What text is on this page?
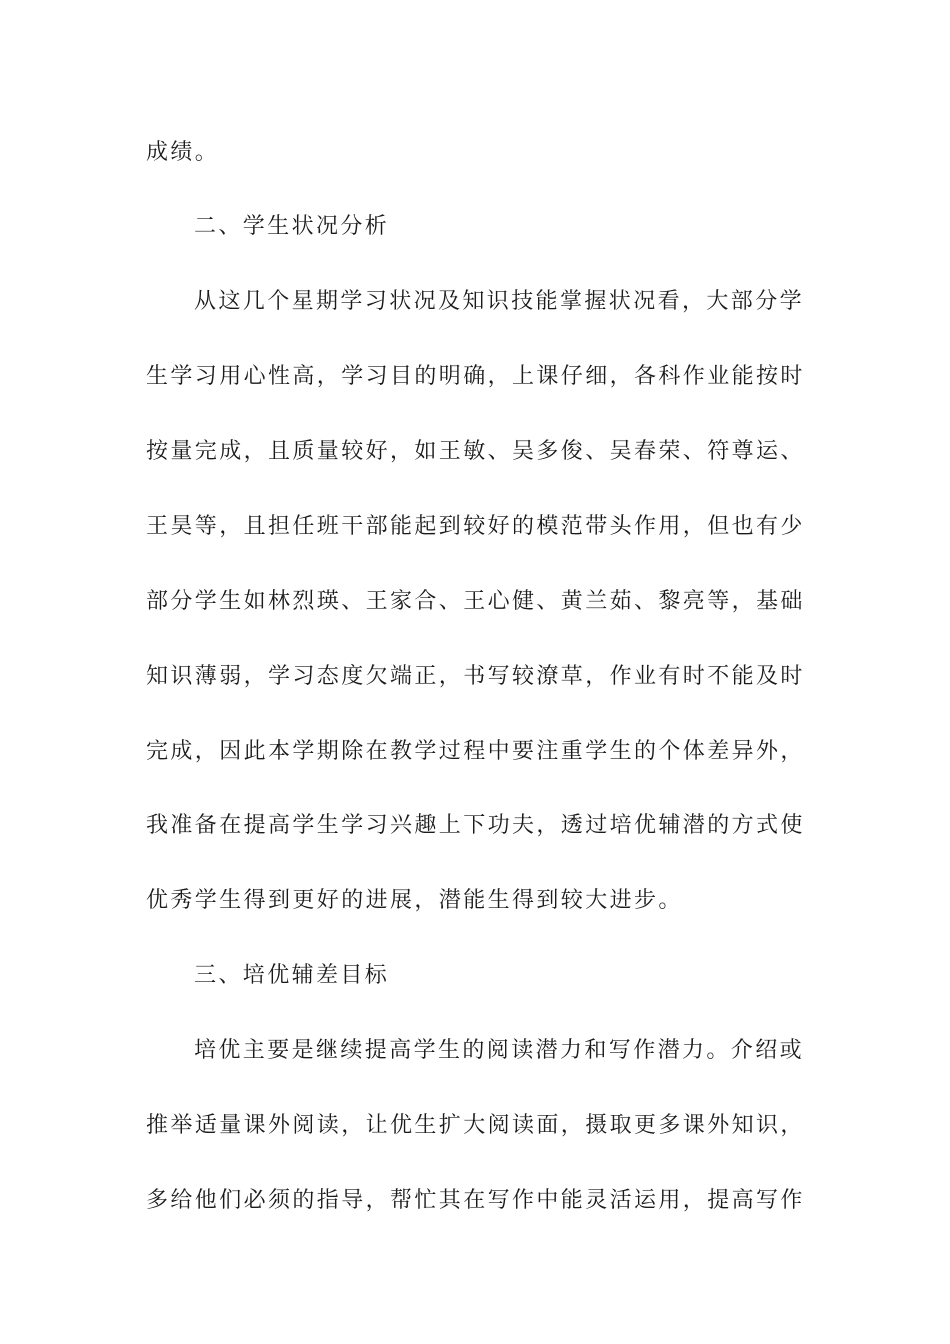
成绩。
二、学生状况分析
从这几个星期学习状况及知识技能掌握状况看，大部分学
生学习用心性高，学习目的明确，上课仔细，各科作业能按时
按量完成，且质量较好，如王敏、吴多俊、吴春荣、符尊运、
王昊等，且担任班干部能起到较好的模范带头作用，但也有少
部分学生如林烈瑛、王家合、王心健、黄兰茹、黎亮等，基础
知识薄弱，学习态度欠端正，书写较潦草，作业有时不能及时
完成，因此本学期除在教学过程中要注重学生的个体差异外，
我准备在提高学生学习兴趣上下功夫，透过培优辅潜的方式使
优秀学生得到更好的进展，潜能生得到较大进步。
三、培优辅差目标
培优主要是继续提高学生的阅读潜力和写作潜力。介绍或
推举适量课外阅读，让优生扩大阅读面，摄取更多课外知识，
多给他们必须的指导，帮忙其在写作中能灵活运用，提高写作
